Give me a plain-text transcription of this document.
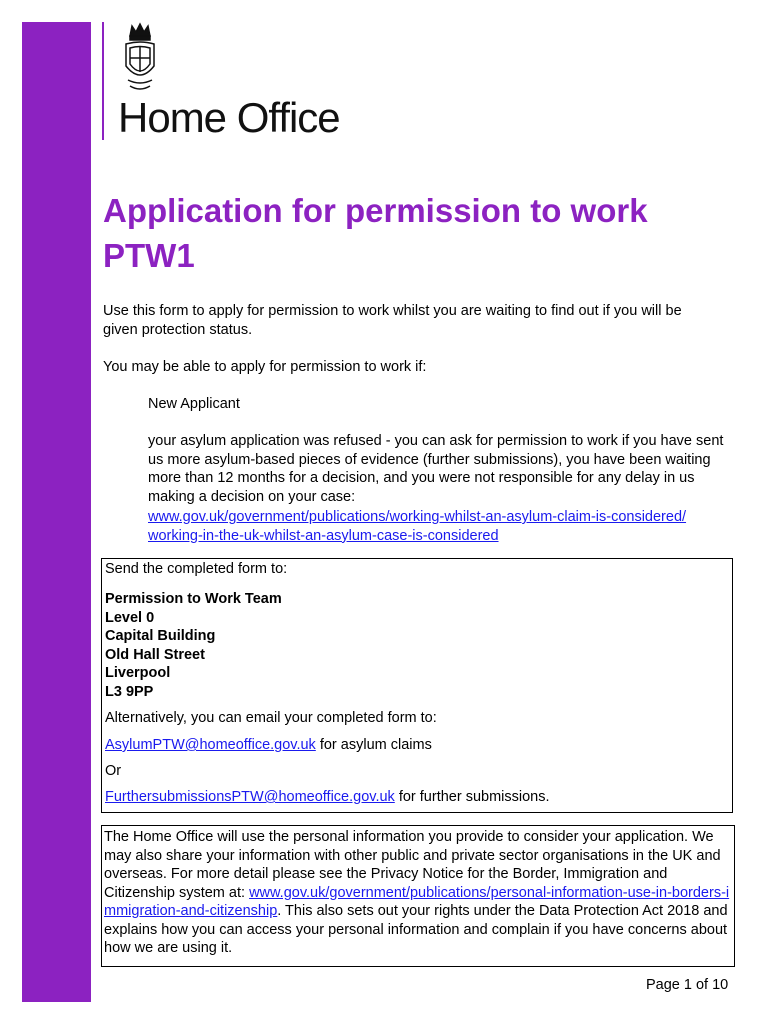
Home Office
Application for permission to work
PTW1

Use this form to apply for permission to work whilst you are waiting to find out if you will be given protection status.

You may be able to apply for permission to work if:

New Applicant

your asylum application was refused - you can ask for permission to work if you have sent us more asylum-based pieces of evidence (further submissions), you have been waiting more than 12 months for a decision, and you were not responsible for any delay in us making a decision on your case:

www.gov.uk/government/publications/working-whilst-an-asylum-claim-is-considered/
working-in-the-uk-whilst-an-asylum-case-is-considered

Send the completed form to:
Permission to Work Team
Level 0
Capital Building
Old Hall Street
Liverpool
L3 9PP
Alternatively, you can email your completed form to:
AsylumPTW@homeoffice.gov.uk for asylum claims
Or
FurthersubmissionsPTW@homeoffice.gov.uk for further submissions.

The Home Office will use the personal information you provide to consider your application. We may also share your information with other public and private sector organisations in the UK and overseas. For more detail please see the Privacy Notice for the Border, Immigration and Citizenship system at: www.gov.uk/government/publications/personal-information-use-in-borders-immigration-and-citizenship. This also sets out your rights under the Data Protection Act 2018 and explains how you can access your personal information and complain if you have concerns about how we are using it.

Page 1 of 10
